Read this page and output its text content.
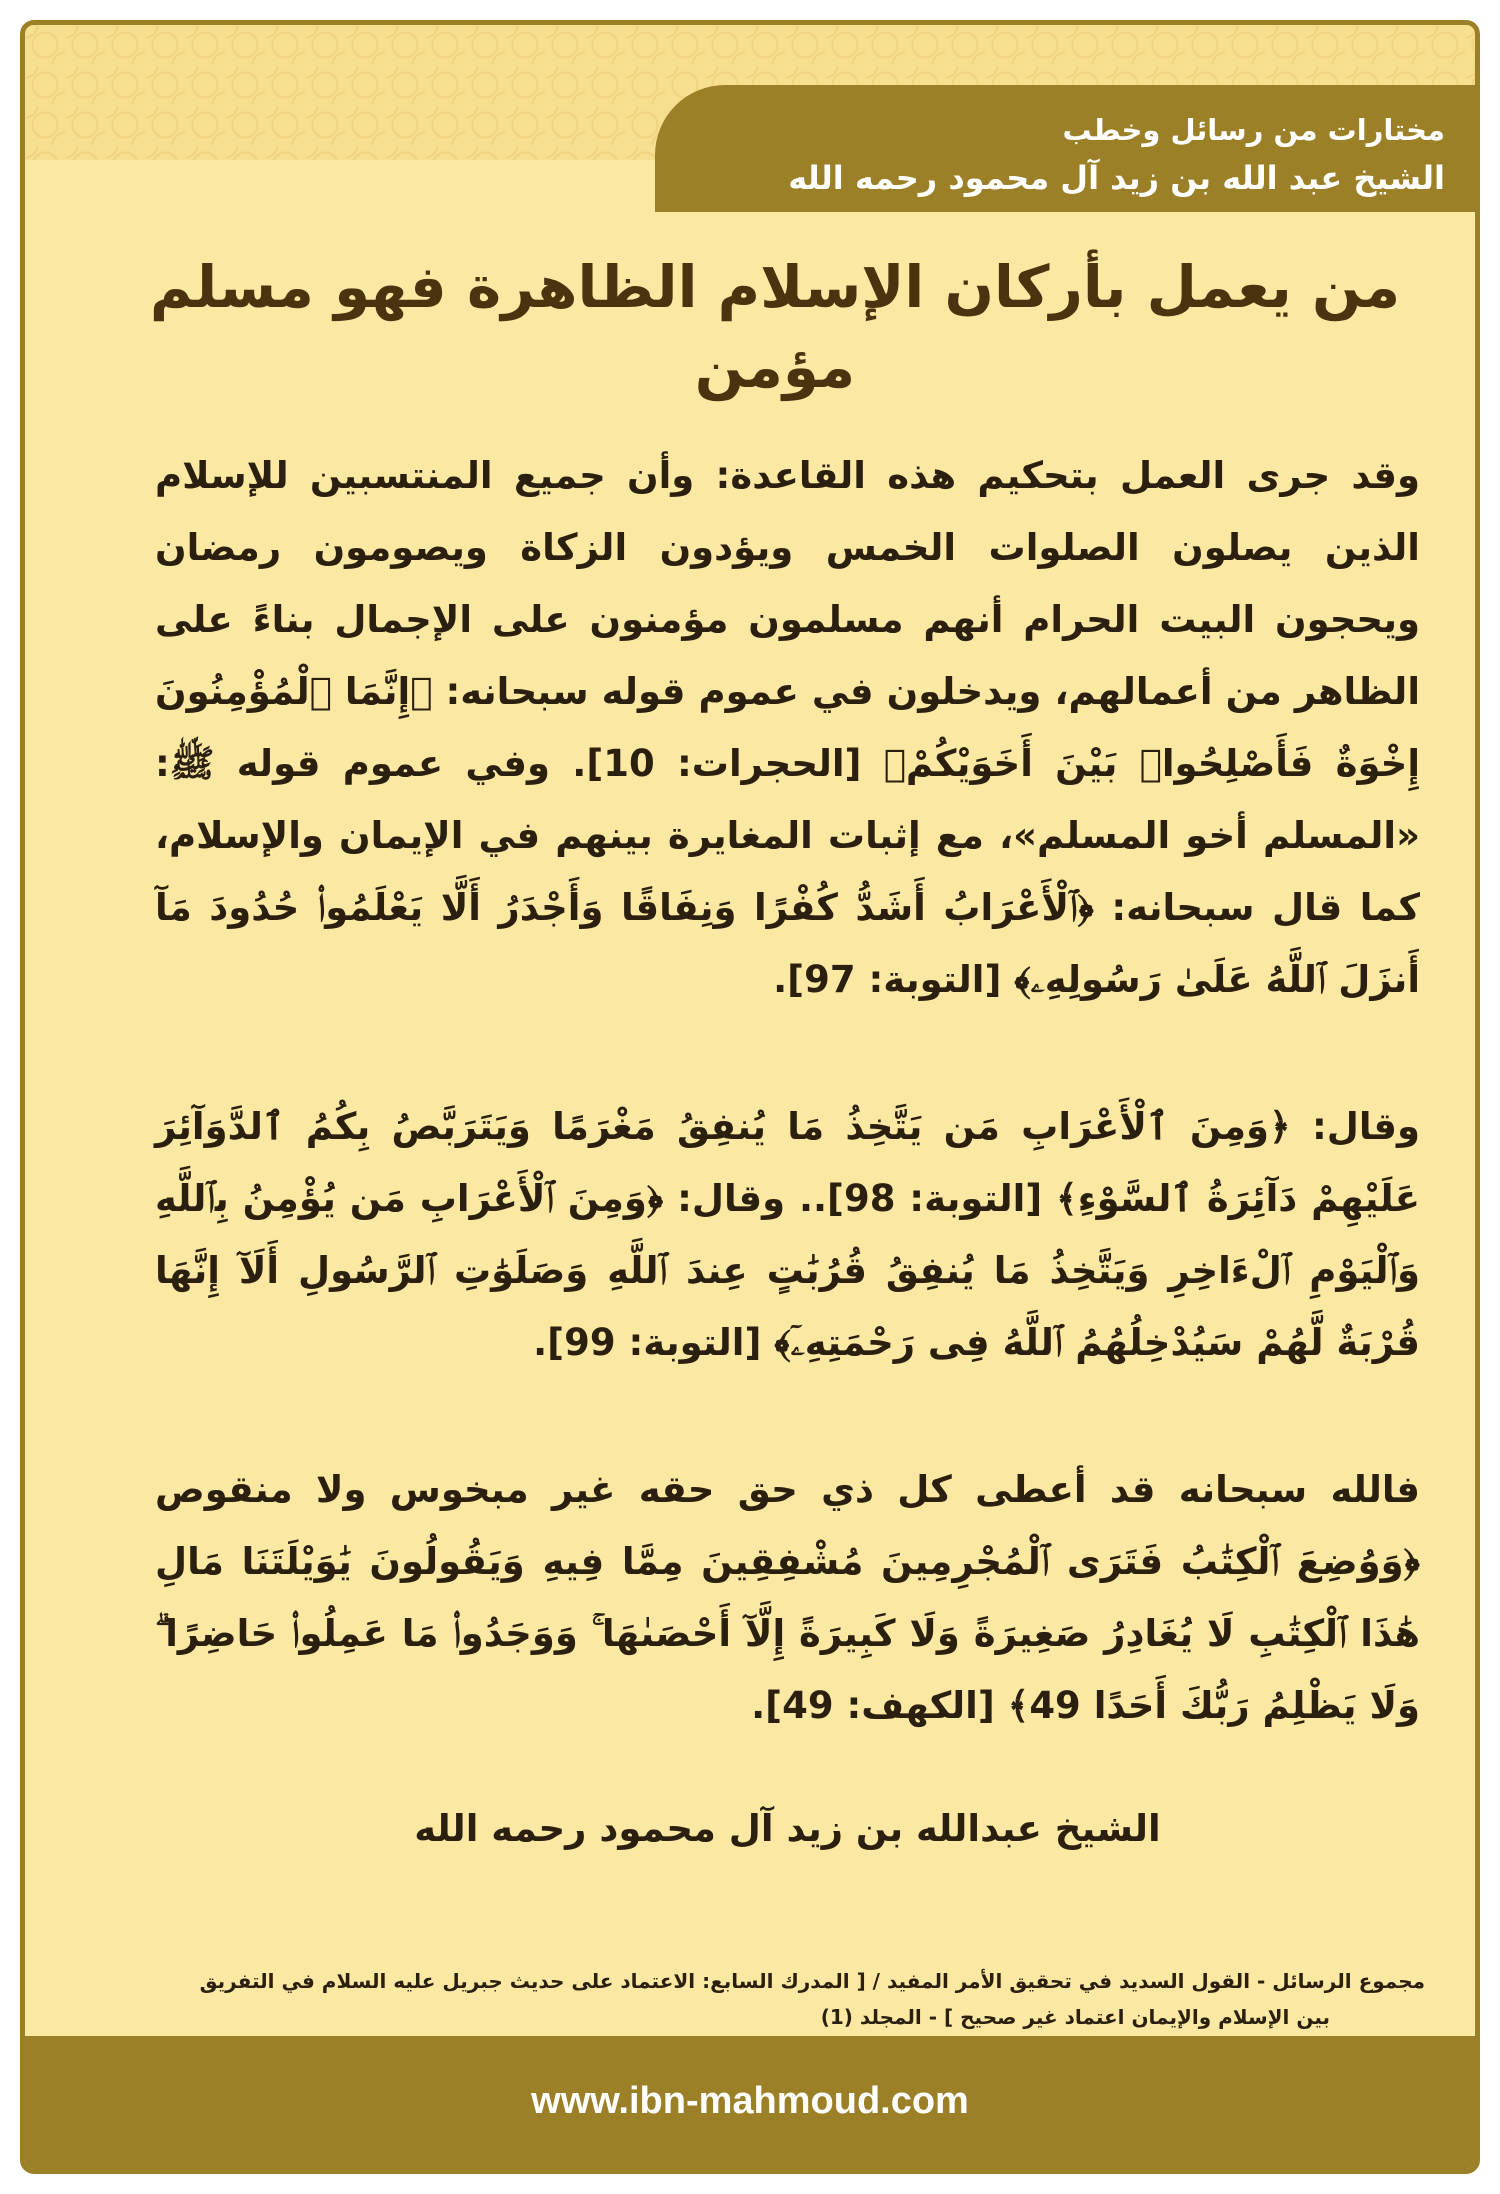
مختارات من رسائل وخطب
الشيخ عبد الله بن زيد آل محمود رحمه الله
من يعمل بأركان الإسلام الظاهرة فهو مسلم مؤمن

وقد جرى العمل بتحكيم هذه القاعدة: وأن جميع المنتسبين للإسلام الذين يصلون الصلوات الخمس ويؤدون الزكاة ويصومون رمضان ويحجون البيت الحرام أنهم مسلمون مؤمنون على الإجمال بناءً على الظاهر من أعمالهم، ويدخلون في عموم قوله سبحانه: ﴿إِنَّمَا ٱلْمُؤْمِنُونَ إِخْوَةٌ فَأَصْلِحُوا۟ بَيْنَ أَخَوَيْكُمْ﴾ [الحجرات: 10]. وفي عموم قوله ﷺ: «المسلم أخو المسلم»، مع إثبات المغايرة بينهم في الإيمان والإسلام، كما قال سبحانه: ﴿ٱلْأَعْرَابُ أَشَدُّ كُفْرًا وَنِفَاقًا وَأَجْدَرُ أَلَّا يَعْلَمُوا۟ حُدُودَ مَآ أَنزَلَ ٱللَّهُ عَلَىٰ رَسُولِهِۦ﴾ [التوبة: 97].

وقال: ﴿وَمِنَ ٱلْأَعْرَابِ مَن يَتَّخِذُ مَا يُنفِقُ مَغْرَمًا وَيَتَرَبَّصُ بِكُمُ ٱلدَّوَآئِرَ عَلَيْهِمْ دَآئِرَةُ ٱلسَّوْءِ﴾ [التوبة: 98].. وقال: ﴿وَمِنَ ٱلْأَعْرَابِ مَن يُؤْمِنُ بِٱللَّهِ وَٱلْيَوْمِ ٱلْءَاخِرِ وَيَتَّخِذُ مَا يُنفِقُ قُرُبَٰتٍ عِندَ ٱللَّهِ وَصَلَوَٰتِ ٱلرَّسُولِ أَلَآ إِنَّهَا قُرْبَةٌ لَّهُمْ سَيُدْخِلُهُمُ ٱللَّهُ فِى رَحْمَتِهِۦٓ﴾ [التوبة: 99].

فالله سبحانه قد أعطى كل ذي حق حقه غير مبخوس ولا منقوص ﴿وَوُضِعَ ٱلْكِتَٰبُ فَتَرَى ٱلْمُجْرِمِينَ مُشْفِقِينَ مِمَّا فِيهِ وَيَقُولُونَ يَٰوَيْلَتَنَا مَالِ هَٰذَا ٱلْكِتَٰبِ لَا يُغَادِرُ صَغِيرَةً وَلَا كَبِيرَةً إِلَّآ أَحْصَىٰهَا ۚ وَوَجَدُوا۟ مَا عَمِلُوا۟ حَاضِرًا ۗ وَلَا يَظْلِمُ رَبُّكَ أَحَدًا 49﴾ [الكهف: 49].

الشيخ عبدالله بن زيد آل محمود رحمه الله
مجموع الرسائل - القول السديد في تحقيق الأمر المفيد / [ المدرك السابع: الاعتماد على حديث جبريل عليه السلام في التفريق
بين الإسلام والإيمان اعتماد غير صحيح ] - المجلد (1)
www.ibn-mahmoud.com
